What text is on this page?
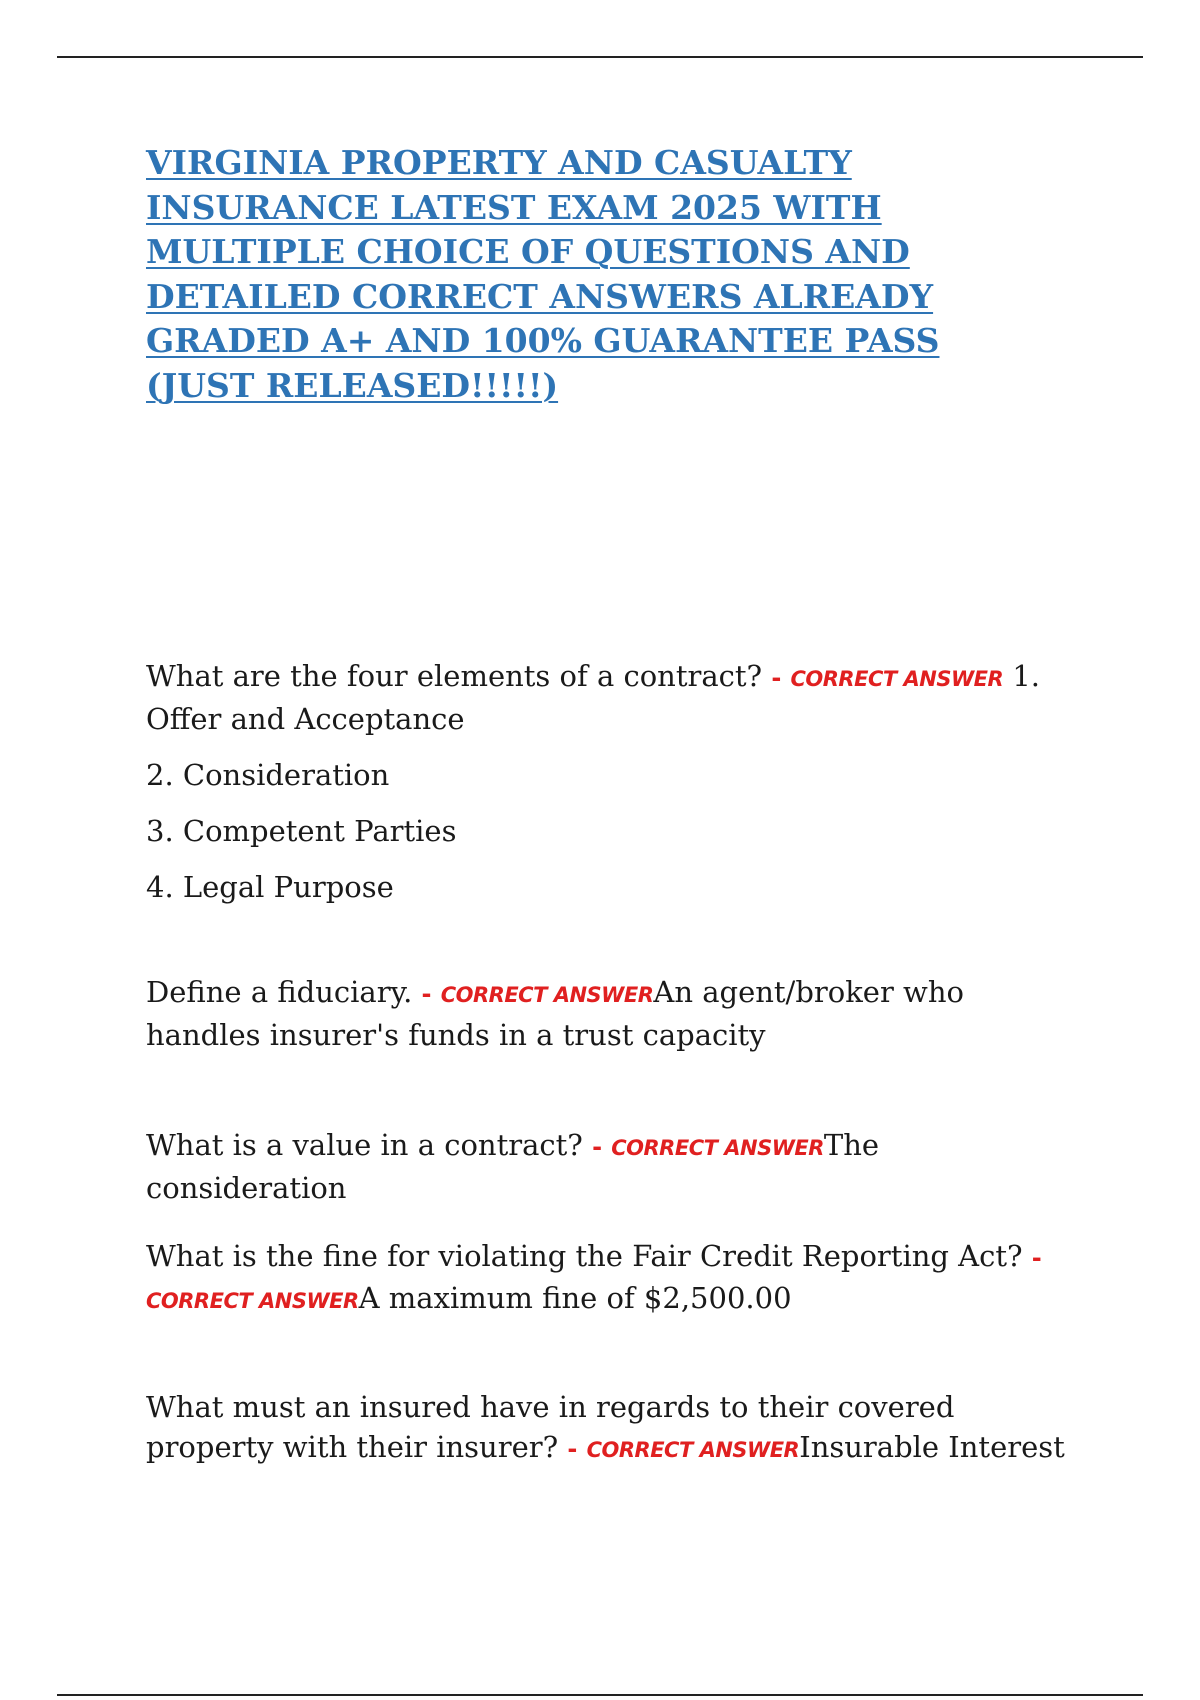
VIRGINIA PROPERTY AND CASUALTY INSURANCE LATEST EXAM 2025 WITH MULTIPLE CHOICE OF QUESTIONS AND DETAILED CORRECT ANSWERS ALREADY GRADED A+ AND 100% GUARANTEE PASS (JUST RELEASED!!!!!)

What are the four elements of a contract? - CORRECT ANSWER 1. Offer and Acceptance

2. Consideration

3. Competent Parties

4. Legal Purpose

Define a fiduciary. - CORRECT ANSWERAn agent/broker who handles insurer's funds in a trust capacity

What is a value in a contract? - CORRECT ANSWERThe consideration

What is the fine for violating the Fair Credit Reporting Act? - CORRECT ANSWERA maximum fine of $2,500.00

What must an insured have in regards to their covered property with their insurer? - CORRECT ANSWERInsurable Interest
